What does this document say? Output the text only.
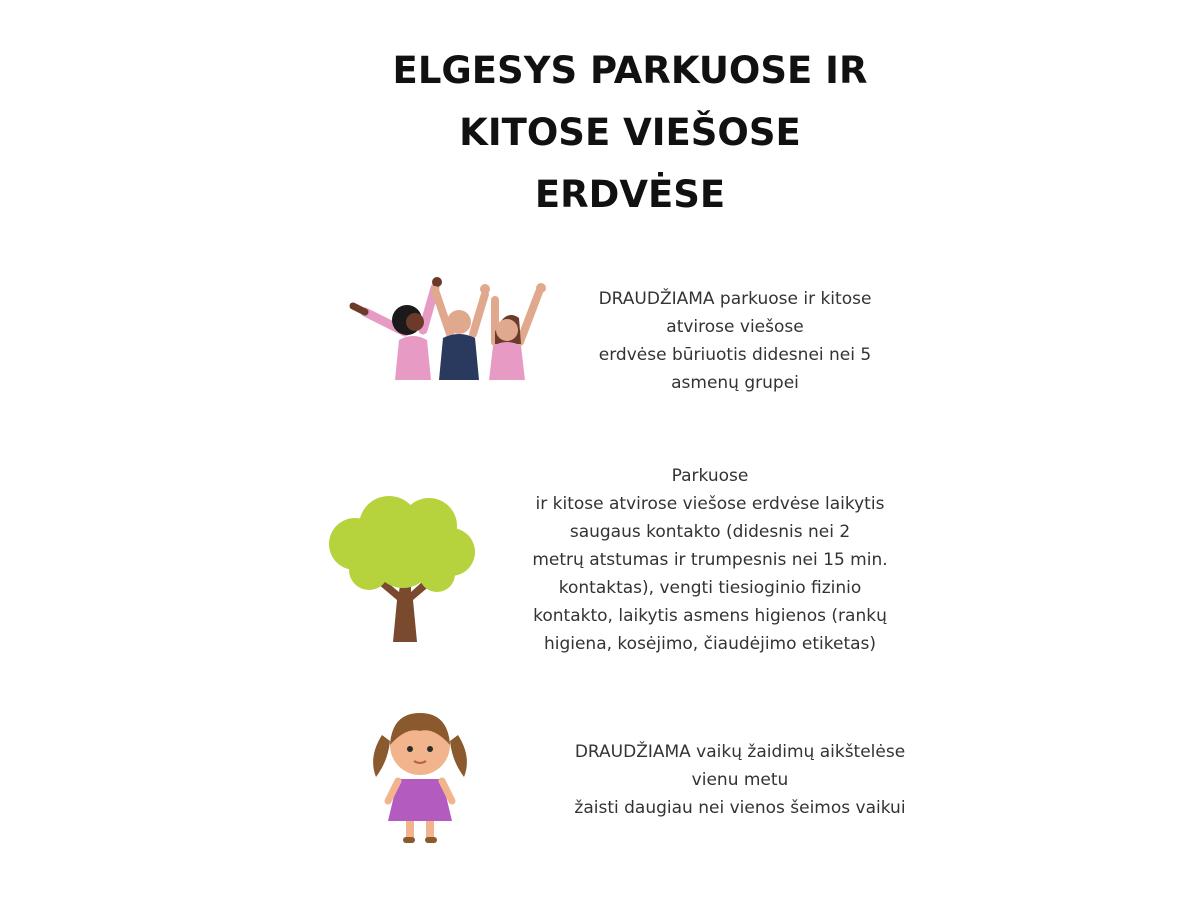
ELGESYS PARKUOSE IR
KITOSE VIEŠOSE
ERDVĖSE
DRAUDŽIAMA parkuose ir kitose
atvirose viešose
erdvėse būriuotis didesnei nei 5
asmenų grupei
Parkuose
ir kitose atvirose viešose erdvėse laikytis
saugaus kontakto (didesnis nei 2
metrų atstumas ir trumpesnis nei 15 min.
kontaktas), vengti tiesioginio fizinio
kontakto, laikytis asmens higienos (rankų
higiena, kosėjimo, čiaudėjimo etiketas)
DRAUDŽIAMA vaikų žaidimų aikštelėse
vienu metu
žaisti daugiau nei vienos šeimos vaikui
